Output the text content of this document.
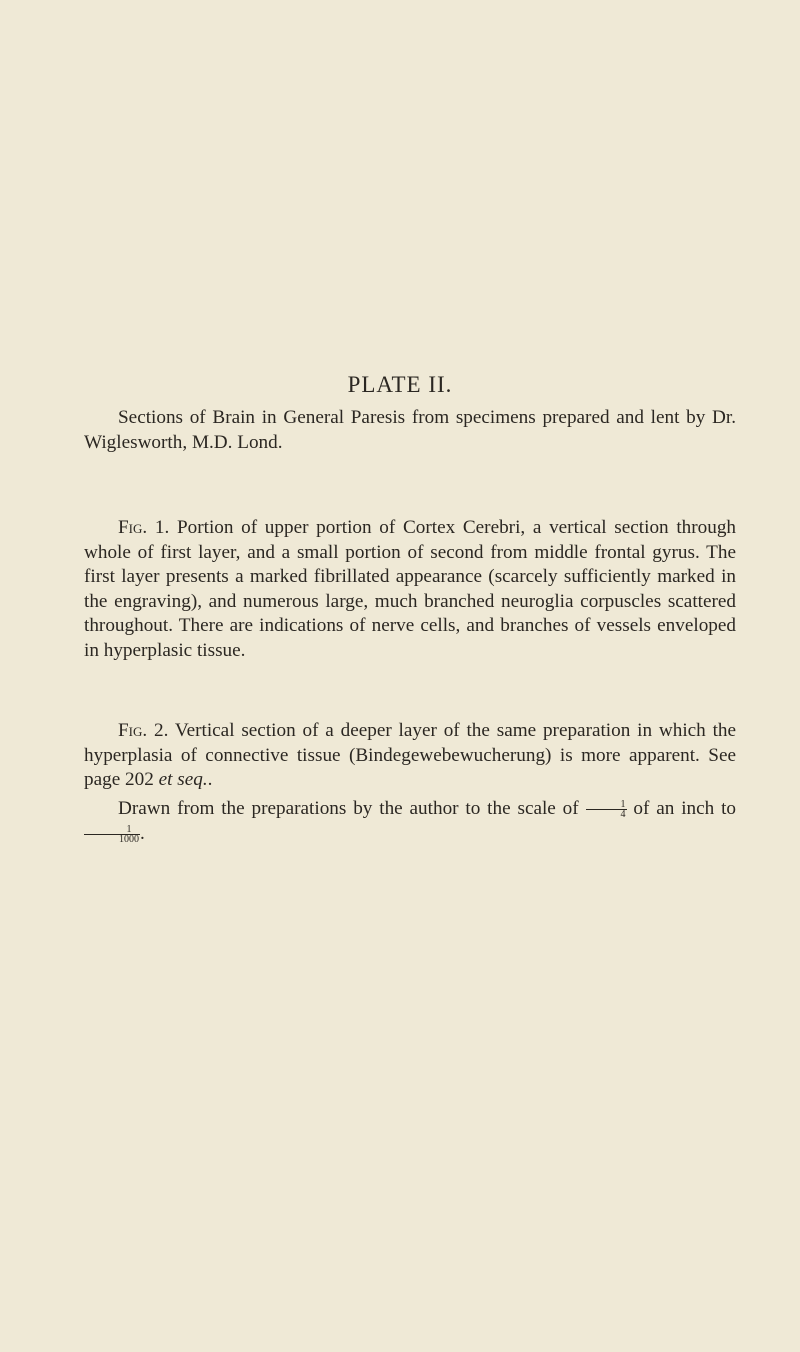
PLATE II.

Sections of Brain in General Paresis from specimens prepared and lent by Dr. Wiglesworth, M.D. Lond.

Fig. 1. Portion of upper portion of Cortex Cerebri, a vertical section through whole of first layer, and a small portion of second from middle frontal gyrus. The first layer presents a marked fibrillated appearance (scarcely sufficiently marked in the engraving), and numerous large, much branched neuroglia corpuscles scattered throughout. There are indications of nerve cells, and branches of vessels enveloped in hyperplasic tissue.

Fig. 2. Vertical section of a deeper layer of the same preparation in which the hyperplasia of connective tissue (Bindegewebewucherung) is more apparent. See page 202 et seq..

Drawn from the preparations by the author to the scale of $\frac{1}{4}$ of an inch to
$\frac{1}{1000}$ .
